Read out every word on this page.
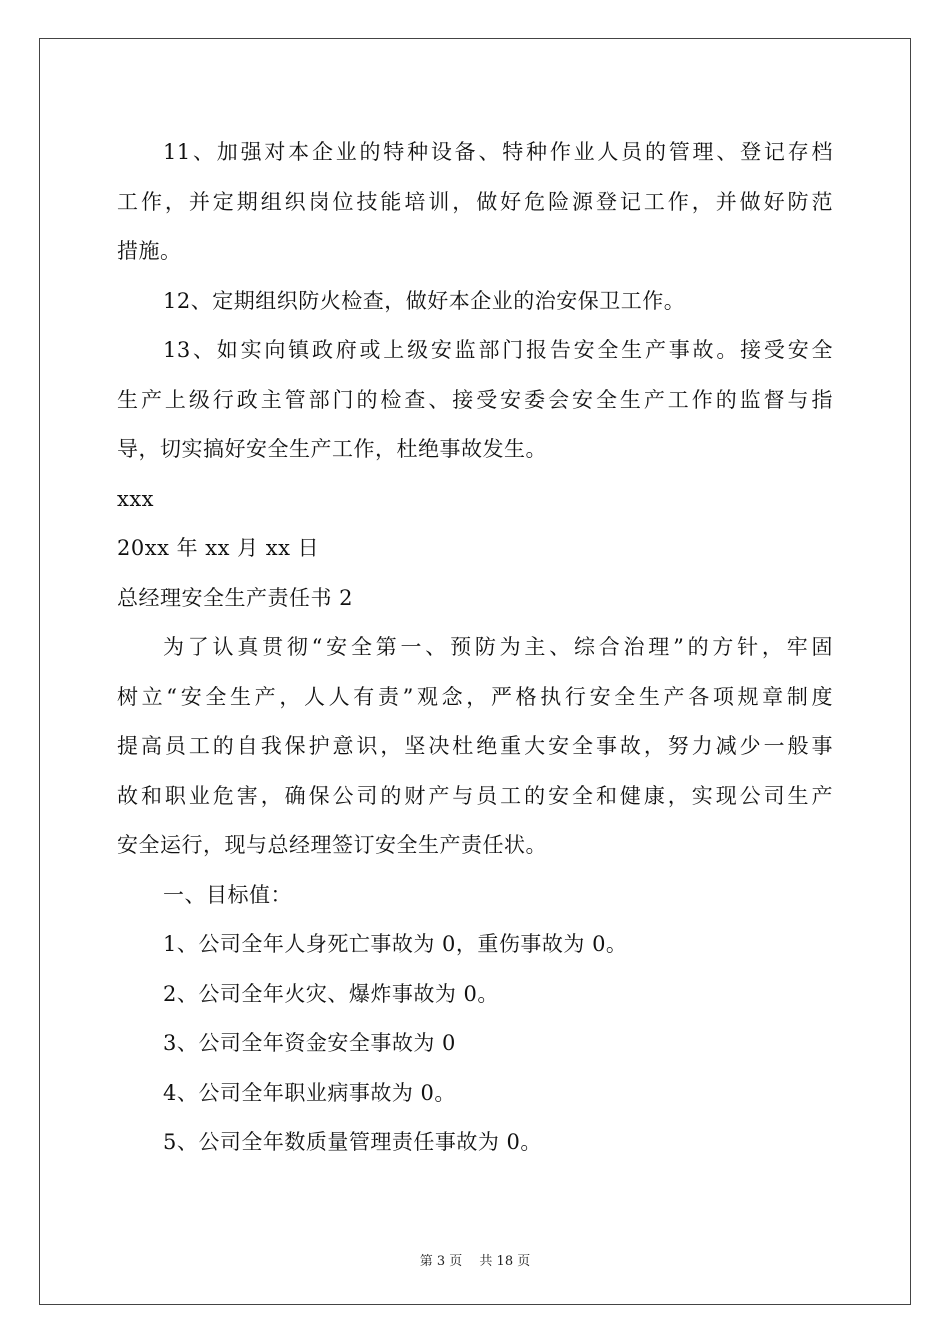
11、加强对本企业的特种设备、特种作业人员的管理、登记存档
工作，并定期组织岗位技能培训，做好危险源登记工作，并做好防范
措施。
12、定期组织防火检查，做好本企业的治安保卫工作。
13、如实向镇政府或上级安监部门报告安全生产事故。接受安全
生产上级行政主管部门的检查、接受安委会安全生产工作的监督与指
导，切实搞好安全生产工作，杜绝事故发生。
xxx
20xx 年 xx 月 xx 日
总经理安全生产责任书 2
为了认真贯彻“安全第一、预防为主、综合治理”的方针，牢固
树立“安全生产，人人有责”观念，严格执行安全生产各项规章制度
提高员工的自我保护意识，坚决杜绝重大安全事故，努力减少一般事
故和职业危害，确保公司的财产与员工的安全和健康，实现公司生产
安全运行，现与总经理签订安全生产责任状。
一、目标值：
1、公司全年人身死亡事故为 0，重伤事故为 0。
2、公司全年火灾、爆炸事故为 0。
3、公司全年资金安全事故为 0
4、公司全年职业病事故为 0。
5、公司全年数质量管理责任事故为 0。
第 3 页　 共 18 页
